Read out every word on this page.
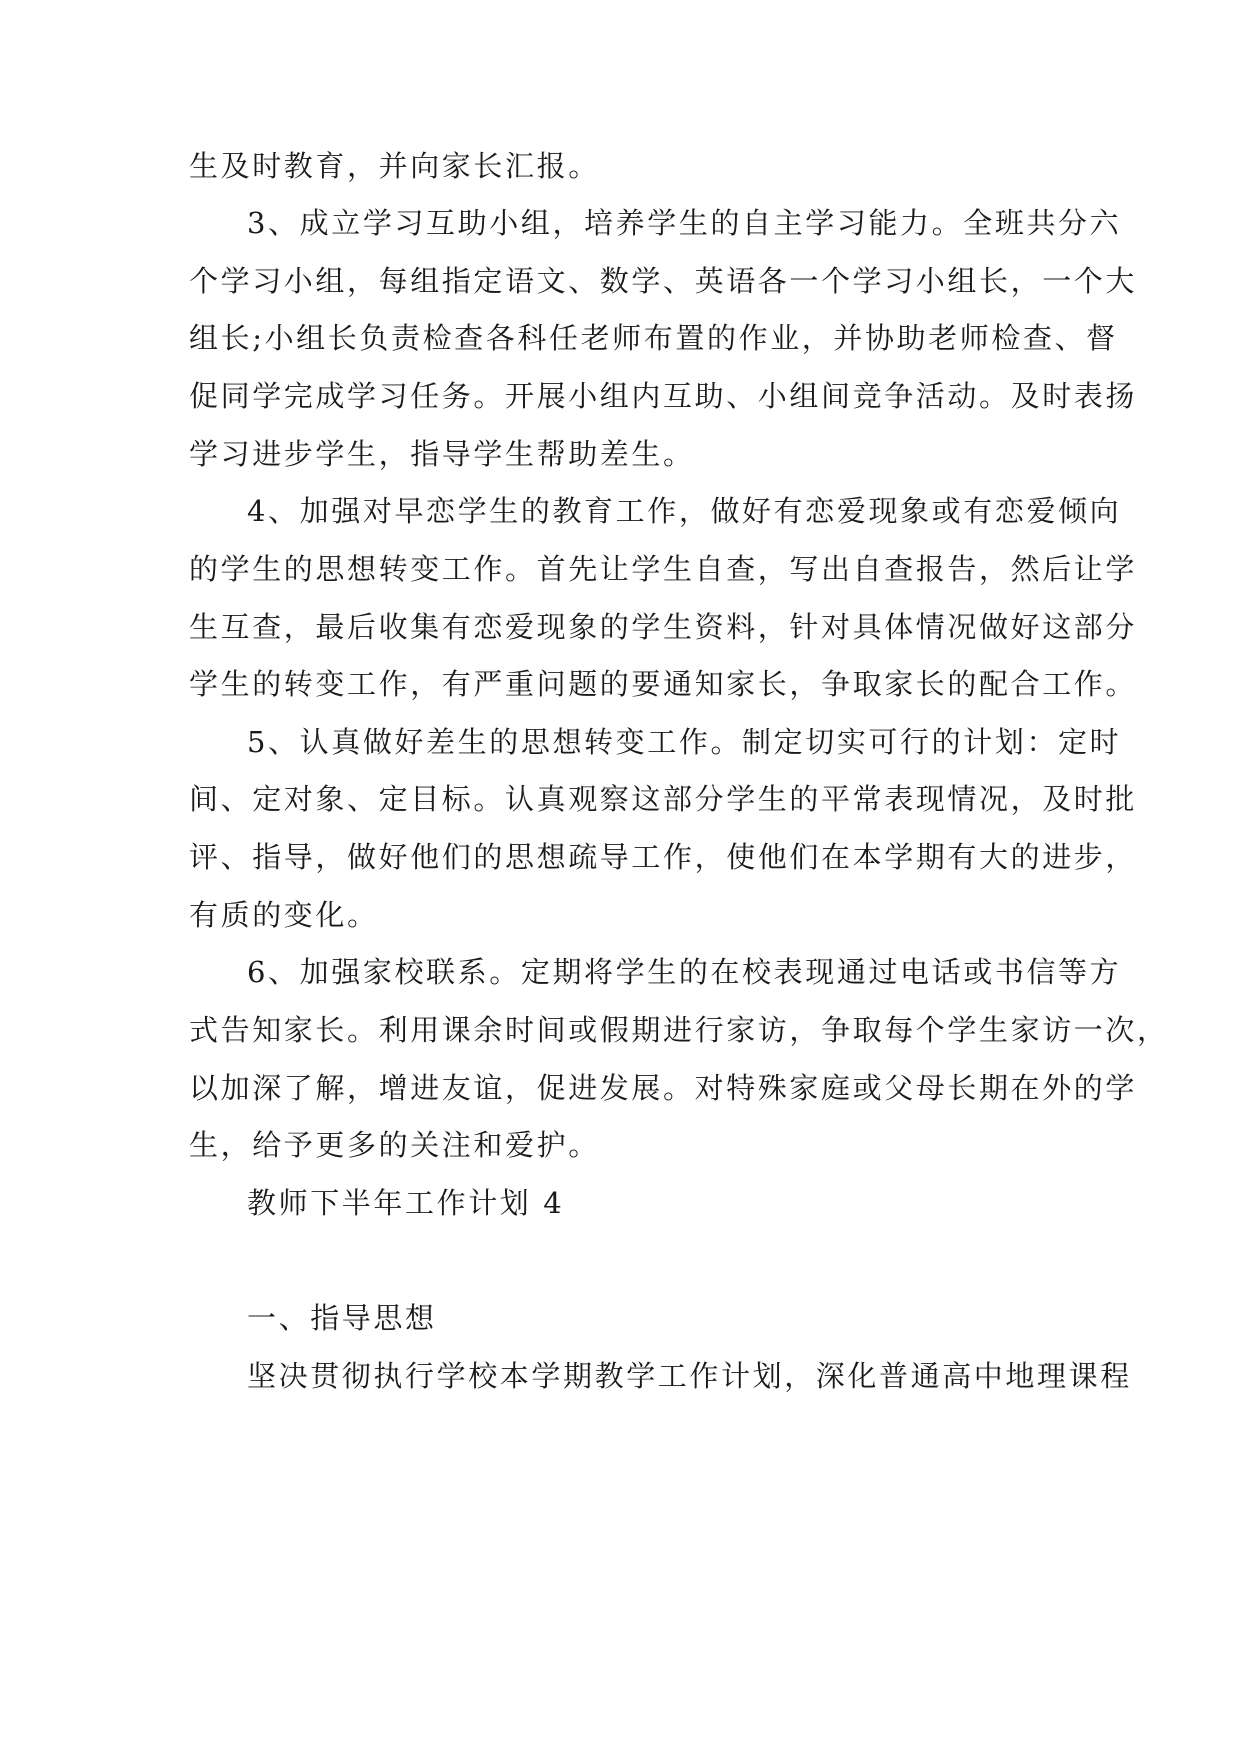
生及时教育，并向家长汇报。
3、成立学习互助小组，培养学生的自主学习能力。全班共分六
个学习小组，每组指定语文、数学、英语各一个学习小组长，一个大
组长;小组长负责检查各科任老师布置的作业，并协助老师检查、督
促同学完成学习任务。开展小组内互助、小组间竞争活动。及时表扬
学习进步学生，指导学生帮助差生。
4、加强对早恋学生的教育工作，做好有恋爱现象或有恋爱倾向
的学生的思想转变工作。首先让学生自查，写出自查报告，然后让学
生互查，最后收集有恋爱现象的学生资料，针对具体情况做好这部分
学生的转变工作，有严重问题的要通知家长，争取家长的配合工作。
5、认真做好差生的思想转变工作。制定切实可行的计划：定时
间、定对象、定目标。认真观察这部分学生的平常表现情况，及时批
评、指导，做好他们的思想疏导工作，使他们在本学期有大的进步，
有质的变化。
6、加强家校联系。定期将学生的在校表现通过电话或书信等方
式告知家长。利用课余时间或假期进行家访，争取每个学生家访一次，
以加深了解，增进友谊，促进发展。对特殊家庭或父母长期在外的学
生，给予更多的关注和爱护。
教师下半年工作计划 4
一、指导思想
坚决贯彻执行学校本学期教学工作计划，深化普通高中地理课程
